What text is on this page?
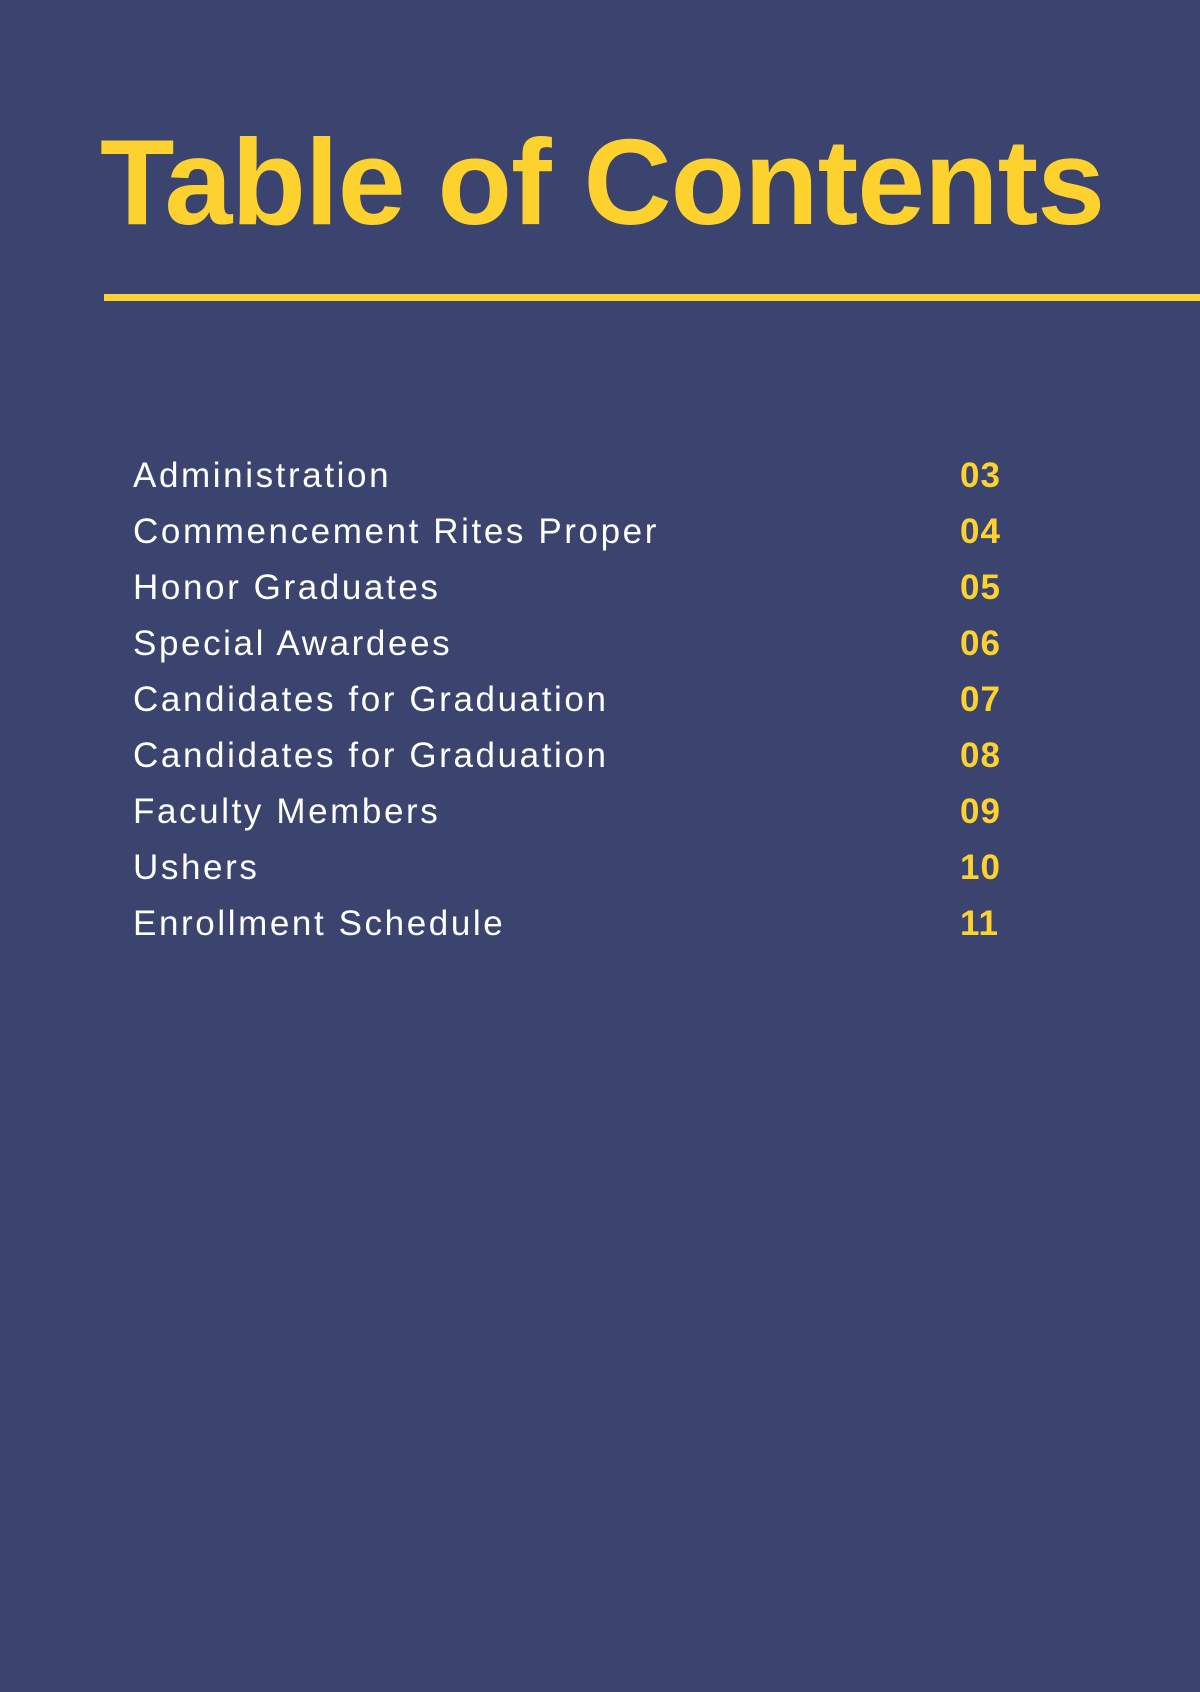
Table of Contents
Administration	03
Commencement Rites Proper	04
Honor Graduates	05
Special Awardees	06
Candidates for Graduation	07
Candidates for Graduation	08
Faculty Members	09
Ushers	10
Enrollment Schedule	11
